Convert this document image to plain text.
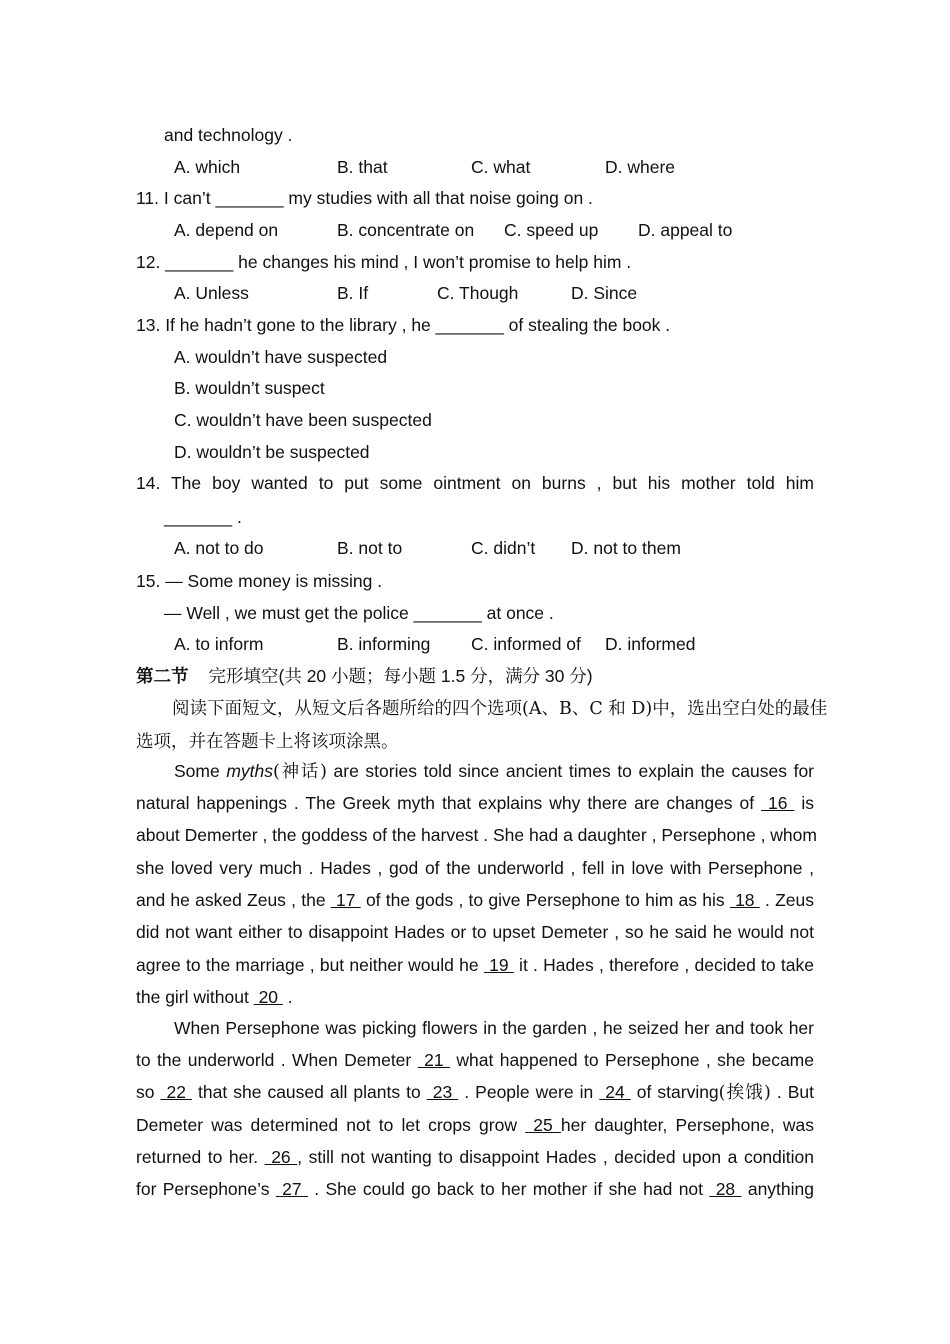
and technology .
A. which	B. that	C. what	D. where
11. I can’t _______ my studies with all that noise going on .
A. depend on	B. concentrate on C. speed up D. appeal to
12. _______ he changes his mind , I won’t promise to help him .
A. Unless	B. If	C. Though	D. Since
13. If he hadn’t gone to the library , he _______ of stealing the book .
A. wouldn’t have suspected
B. wouldn’t suspect
C. wouldn’t have been suspected
D. wouldn’t be suspected
14. The boy wanted to put some ointment on burns , but his mother told him
_______ .
A. not to do	B. not to	C. didn’t D. not to them
15. — Some money is missing .
— Well , we must get the police _______ at once .
A. to inform	B. informing C. informed of D. informed
第二节 完形填空(共 20 小题；每小题 1.5 分，满分 30 分)
阅读下面短文，从短文后各题所给的四个选项(A、B、C 和 D)中，选出空白处的最佳
选项，并在答题卡上将该项涂黑。
Some myths(神话) are stories told since ancient times to explain the causes for
natural happenings . The Greek myth that explains why there are changes of  16  is
about Demerter , the goddess of the harvest . She had a daughter , Persephone , whom
she loved very much . Hades , god of the underworld , fell in love with Persephone ,
and he asked Zeus , the  17  of the gods , to give Persephone to him as his  18  . Zeus
did not want either to disappoint Hades or to upset Demeter , so he said he would not
agree to the marriage , but neither would he  19  it . Hades , therefore , decided to take
the girl without  20  .
When Persephone was picking flowers in the garden , he seized her and took her
to the underworld . When Demeter  21  what happened to Persephone , she became
so  22  that she caused all plants to  23  . People were in  24  of starving(挨饿) . But
Demeter was determined not to let crops grow  25 her daughter, Persephone, was
returned to her.  26 , still not wanting to disappoint Hades , decided upon a condition
for Persephone’s  27  . She could go back to her mother if she had not  28  anything
